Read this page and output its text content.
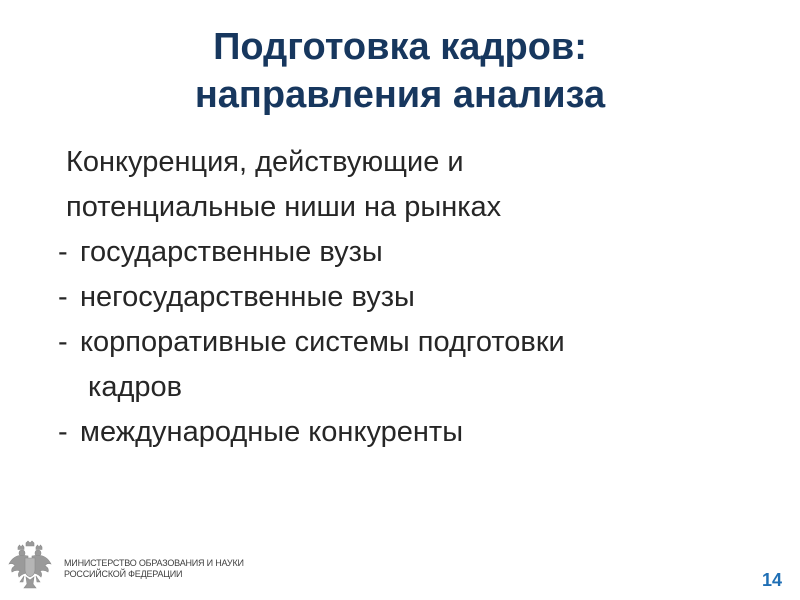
Подготовка кадров:
направления анализа
Конкуренция, действующие и
потенциальные ниши на рынках
- государственные вузы
- негосударственные вузы
- корпоративные системы подготовки
кадров
- международные конкуренты
МИНИСТЕРСТВО ОБРАЗОВАНИЯ И НАУКИ
РОССИЙСКОЙ ФЕДЕРАЦИИ	14
